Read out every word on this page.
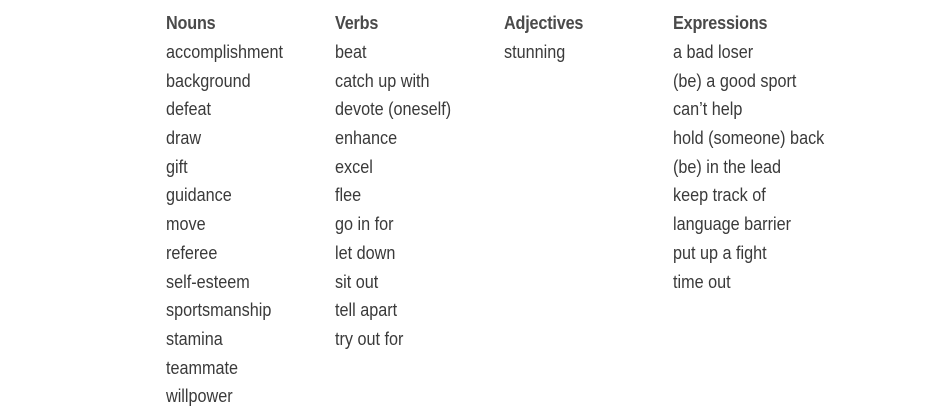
Nouns
accomplishment
background
defeat
draw
gift
guidance
move
referee
self-esteem
sportsmanship
stamina
teammate
willpower
Verbs
beat
catch up with
devote (oneself)
enhance
excel
flee
go in for
let down
sit out
tell apart
try out for
Adjectives
stunning
Expressions
a bad loser
(be) a good sport
can’t help
hold (someone) back
(be) in the lead
keep track of
language barrier
put up a fight
time out
